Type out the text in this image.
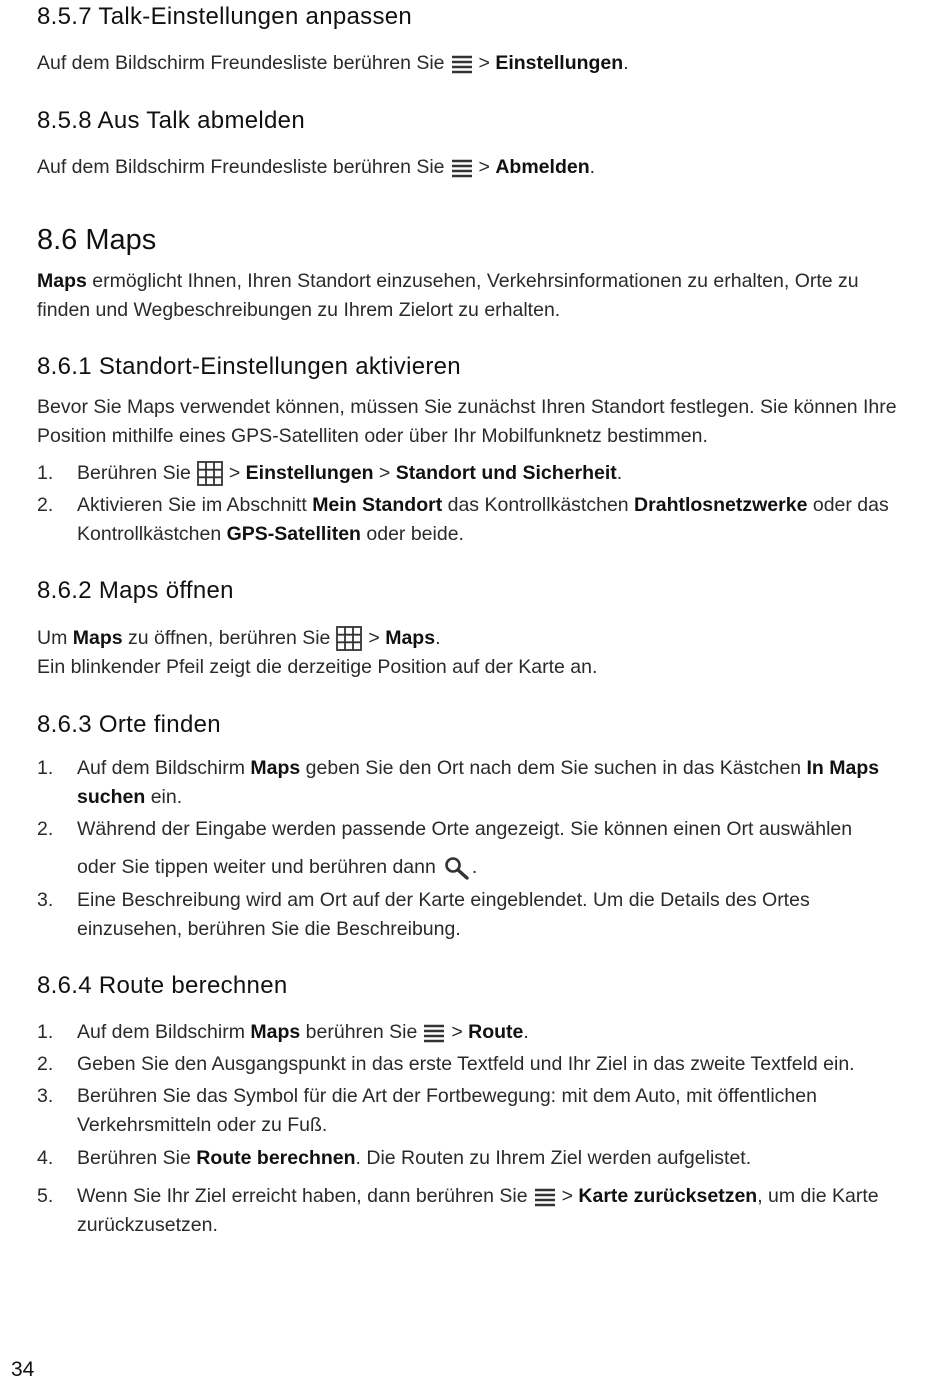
8.5.7 Talk-Einstellungen anpassen

Auf dem Bildschirm Freundesliste berühren Sie > Einstellungen.

8.5.8 Aus Talk abmelden

Auf dem Bildschirm Freundesliste berühren Sie > Abmelden.

8.6 Maps

Maps ermöglicht Ihnen, Ihren Standort einzusehen, Verkehrsinformationen zu erhalten, Orte zu finden und Wegbeschreibungen zu Ihrem Zielort zu erhalten.

8.6.1 Standort-Einstellungen aktivieren

Bevor Sie Maps verwendet können, müssen Sie zunächst Ihren Standort festlegen. Sie können Ihre Position mithilfe eines GPS-Satelliten oder über Ihr Mobilfunknetz bestimmen.

1.	Berühren Sie > Einstellungen > Standort und Sicherheit.
2.	Aktivieren Sie im Abschnitt Mein Standort das Kontrollkästchen Drahtlosnetzwerke oder das Kontrollkästchen GPS-Satelliten oder beide.
8.6.2 Maps öffnen

Um Maps zu öffnen, berühren Sie > Maps.
Ein blinkender Pfeil zeigt die derzeitige Position auf der Karte an.

8.6.3 Orte finden
1.	Auf dem Bildschirm Maps geben Sie den Ort nach dem Sie suchen in das Kästchen In Maps suchen ein.
2.	Während der Eingabe werden passende Orte angezeigt. Sie können einen Ort auswählen
oder Sie tippen weiter und berühren dann .
3.	Eine Beschreibung wird am Ort auf der Karte eingeblendet. Um die Details des Ortes einzusehen, berühren Sie die Beschreibung.
8.6.4 Route berechnen
1.	Auf dem Bildschirm Maps berühren Sie > Route.
2.	Geben Sie den Ausgangspunkt in das erste Textfeld und Ihr Ziel in das zweite Textfeld ein.
3.	Berühren Sie das Symbol für die Art der Fortbewegung: mit dem Auto, mit öffentlichen Verkehrsmitteln oder zu Fuß.
4.	Berühren Sie Route berechnen. Die Routen zu Ihrem Ziel werden aufgelistet.
5.	Wenn Sie Ihr Ziel erreicht haben, dann berühren Sie > Karte zurücksetzen, um die Karte zurückzusetzen.
34
